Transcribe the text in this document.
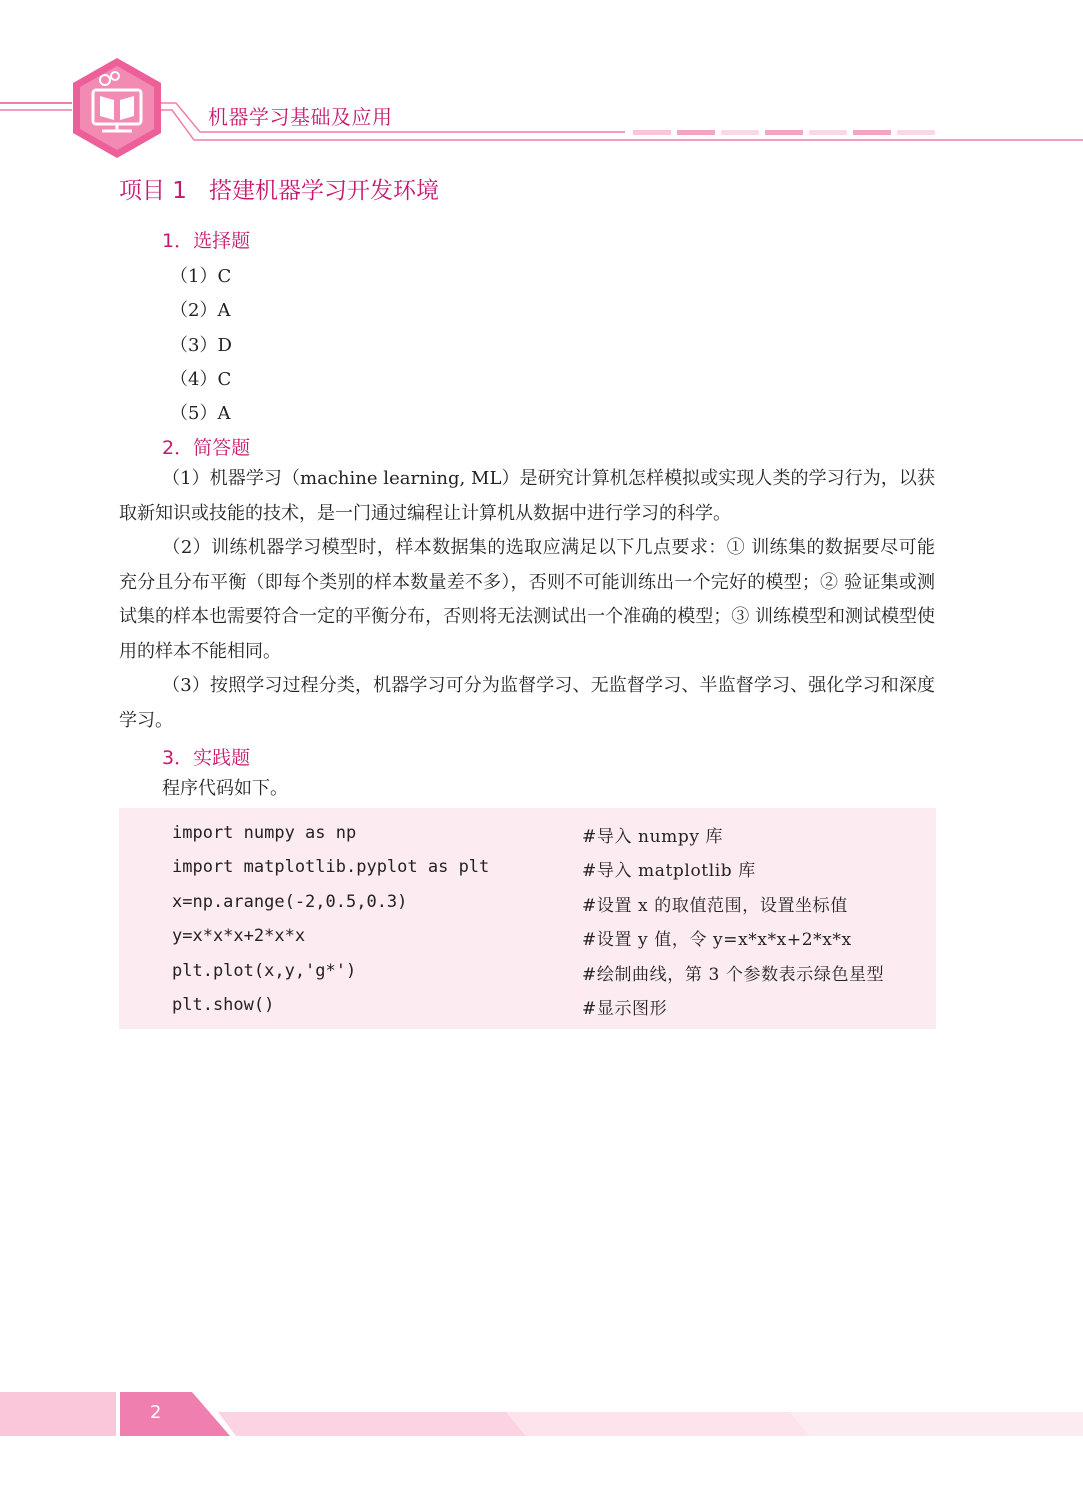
机器学习基础及应用
项目 1 搭建机器学习开发环境
1．选择题
（1）C
（2）A
（3）D
（4）C
（5）A
2．简答题
（1）机器学习（machine learning, ML）是研究计算机怎样模拟或实现人类的学习行为，以获取新知识或技能的技术，是一门通过编程让计算机从数据中进行学习的科学。
（2）训练机器学习模型时，样本数据集的选取应满足以下几点要求：① 训练集的数据要尽可能充分且分布平衡（即每个类别的样本数量差不多），否则不可能训练出一个完好的模型；② 验证集或测试集的样本也需要符合一定的平衡分布，否则将无法测试出一个准确的模型；③ 训练模型和测试模型使用的样本不能相同。
（3）按照学习过程分类，机器学习可分为监督学习、无监督学习、半监督学习、强化学习和深度学习。
3．实践题
程序代码如下。
import numpy as np	#导入 numpy 库
import matplotlib.pyplot as plt	#导入 matplotlib 库
x=np.arange(-2,0.5,0.3)	#设置 x 的取值范围，设置坐标值
y=x*x*x+2*x*x	#设置 y 值，令 y=x*x*x+2*x*x
plt.plot(x,y,'g*')	#绘制曲线，第 3 个参数表示绿色星型
plt.show()	#显示图形
2
